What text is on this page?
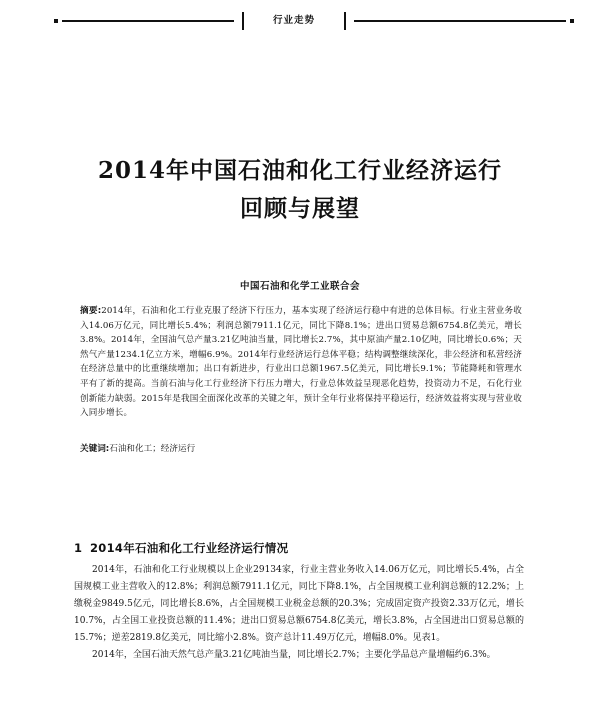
行业走势
2014年中国石油和化工行业经济运行
回顾与展望
中国石油和化学工业联合会
摘要:2014年，石油和化工行业克服了经济下行压力，基本实现了经济运行稳中有进的总体目标。行业主营业务收入14.06万亿元，同比增长5.4%；利润总额7911.1亿元，同比下降8.1%；进出口贸易总额6754.8亿美元，增长3.8%。2014年，全国油气总产量3.21亿吨油当量，同比增长2.7%，其中原油产量2.10亿吨，同比增长0.6%；天然气产量1234.1亿立方米，增幅6.9%。2014年行业经济运行总体平稳；结构调整继续深化，非公经济和私营经济在经济总量中的比重继续增加；出口有新进步，行业出口总额1967.5亿美元，同比增长9.1%；节能降耗和管理水平有了新的提高。当前石油与化工行业经济下行压力增大，行业总体效益呈现恶化趋势，投资动力不足，石化行业创新能力缺弱。2015年是我国全面深化改革的关键之年，预计全年行业将保持平稳运行，经济效益将实现与营业收入同步增长。
关键词:石油和化工；经济运行
1 2014年石油和化工行业经济运行情况

2014年，石油和化工行业规模以上企业29134家，行业主营业务收入14.06万亿元，同比增长5.4%，占全国规模工业主营收入的12.8%；利润总额7911.1亿元，同比下降8.1%，占全国规模工业利润总额的12.2%；上缴税金9849.5亿元，同比增长8.6%，占全国规模工业税金总额的20.3%；完成固定资产投资2.33万亿元，增长10.7%，占全国工业投资总额的11.4%；进出口贸易总额6754.8亿美元，增长3.8%，占全国进出口贸易总额的15.7%；逆差2819.8亿美元，同比缩小2.8%。资产总计11.49万亿元，增幅8.0%。见表1。

2014年，全国石油天然气总产量3.21亿吨油当量，同比增长2.7%；主要化学品总产量增幅约6.3%。
